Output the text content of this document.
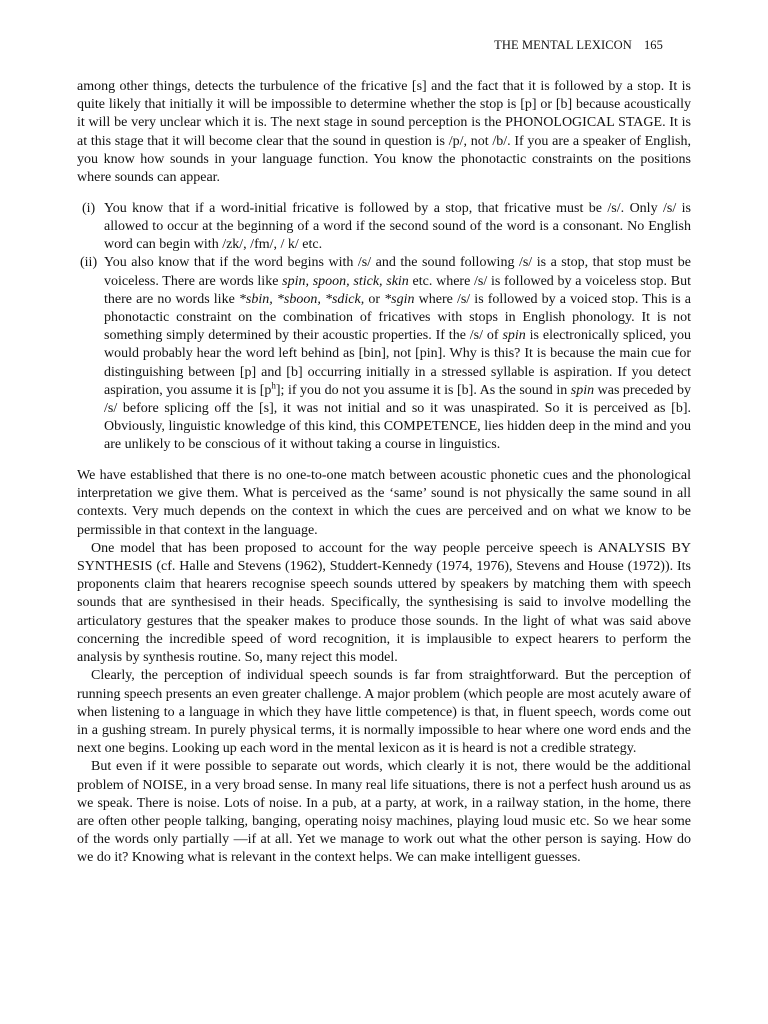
THE MENTAL LEXICON 165

among other things, detects the turbulence of the fricative [s] and the fact that it is followed by a stop. It is quite likely that initially it will be impossible to determine whether the stop is [p] or [b] because acoustically it will be very unclear which it is. The next stage in sound perception is the PHONOLOGICAL STAGE. It is at this stage that it will become clear that the sound in question is /p/, not /b/. If you are a speaker of English, you know how sounds in your language function. You know the phonotactic constraints on the positions where sounds can appear.

(i) You know that if a word-initial fricative is followed by a stop, that fricative must be /s/. Only /s/ is allowed to occur at the beginning of a word if the second sound of the word is a consonant. No English word can begin with /zk/, /fm/, / k/ etc.
(ii) You also know that if the word begins with /s/ and the sound following /s/ is a stop, that stop must be voiceless. There are words like spin, spoon, stick, skin etc. where /s/ is followed by a voiceless stop. But there are no words like *sbin, *sboon, *sdick, or *sgin where /s/ is followed by a voiced stop. This is a phonotactic constraint on the combination of fricatives with stops in English phonology. It is not something simply determined by their acoustic properties. If the /s/ of spin is electronically spliced, you would probably hear the word left behind as [bin], not [pin]. Why is this? It is because the main cue for distinguishing between [p] and [b] occurring initially in a stressed syllable is aspiration. If you detect aspiration, you assume it is $[p^h]$; if you do not you assume it is [b]. As the sound in spin was preceded by /s/ before splicing off the [s], it was not initial and so it was unaspirated. So it is perceived as [b]. Obviously, linguistic knowledge of this kind, this COMPETENCE, lies hidden deep in the mind and you are unlikely to be conscious of it without taking a course in linguistics.

We have established that there is no one-to-one match between acoustic phonetic cues and the phonological interpretation we give them. What is perceived as the ‘same’ sound is not physically the same sound in all contexts. Very much depends on the context in which the cues are perceived and on what we know to be permissible in that context in the language.

One model that has been proposed to account for the way people perceive speech is ANALYSIS BY SYNTHESIS (cf. Halle and Stevens (1962), Studdert-Kennedy (1974, 1976), Stevens and House (1972)). Its proponents claim that hearers recognise speech sounds uttered by speakers by matching them with speech sounds that are synthesised in their heads. Specifically, the synthesising is said to involve modelling the articulatory gestures that the speaker makes to produce those sounds. In the light of what was said above concerning the incredible speed of word recognition, it is implausible to expect hearers to perform the analysis by synthesis routine. So, many reject this model.

Clearly, the perception of individual speech sounds is far from straightforward. But the perception of running speech presents an even greater challenge. A major problem (which people are most acutely aware of when listening to a language in which they have little competence) is that, in fluent speech, words come out in a gushing stream. In purely physical terms, it is normally impossible to hear where one word ends and the next one begins. Looking up each word in the mental lexicon as it is heard is not a credible strategy.

But even if it were possible to separate out words, which clearly it is not, there would be the additional problem of NOISE, in a very broad sense. In many real life situations, there is not a perfect hush around us as we speak. There is noise. Lots of noise. In a pub, at a party, at work, in a railway station, in the home, there are often other people talking, banging, operating noisy machines, playing loud music etc. So we hear some of the words only partially —if at all. Yet we manage to work out what the other person is saying. How do we do it? Knowing what is relevant in the context helps. We can make intelligent guesses.
